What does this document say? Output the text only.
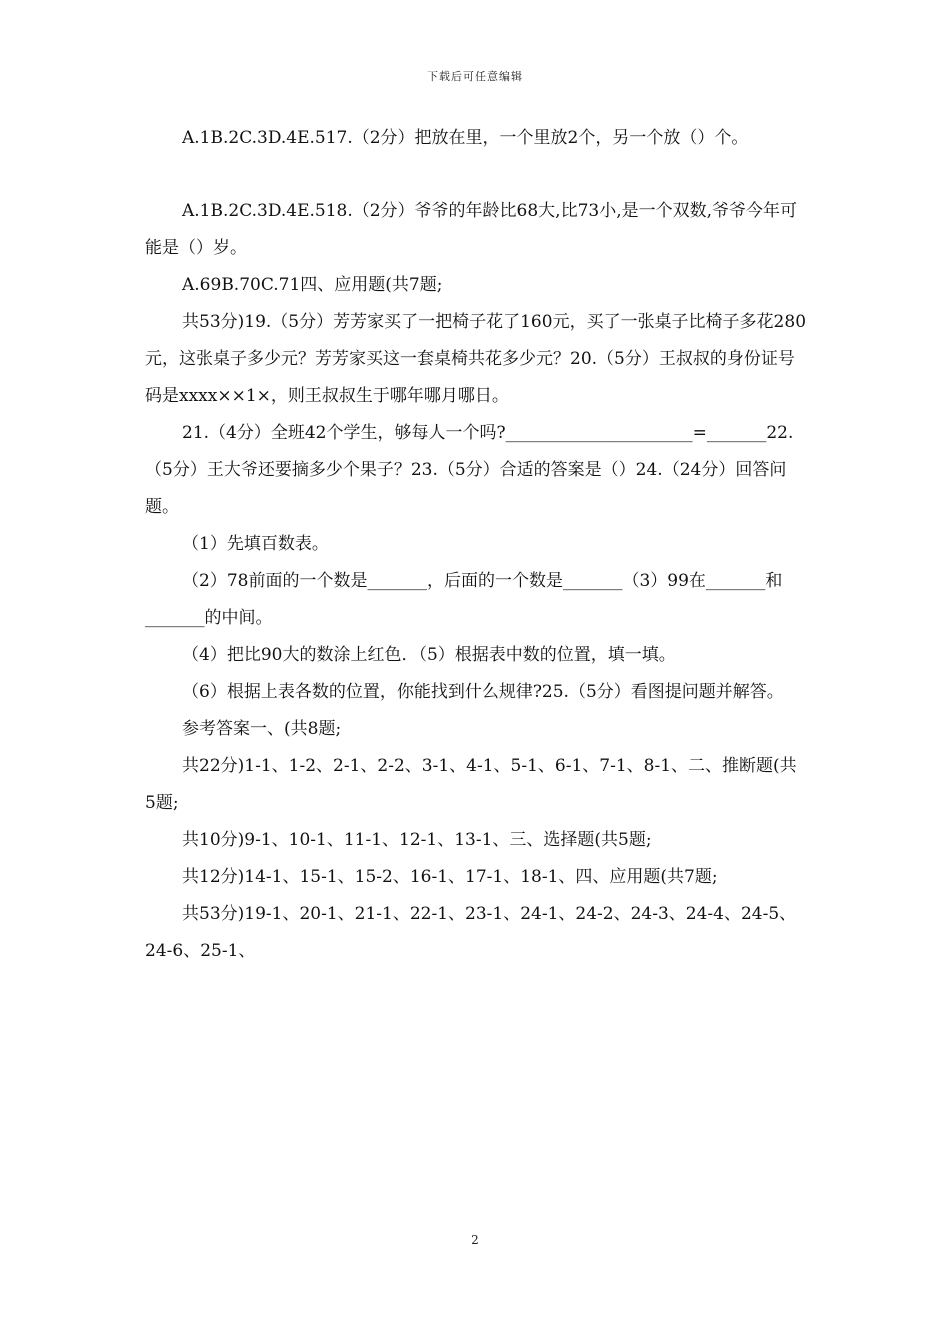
下载后可任意编辑

A.1B.2C.3D.4E.517.（2分）把放在里，一个里放2个，另一个放（）个。

A.1B.2C.3D.4E.518.（2分）爷爷的年龄比68大,比73小,是一个双数,爷爷今年可能是（）岁。

A.69B.70C.71四、应用题(共7题;

共53分)19.（5分）芳芳家买了一把椅子花了160元，买了一张桌子比椅子多花280元，这张桌子多少元？芳芳家买这一套桌椅共花多少元？20.（5分）王叔叔的身份证号码是xxxx××1×，则王叔叔生于哪年哪月哪日。

21.（4分）全班42个学生，够每人一个吗?______________________=_______22.（5分）王大爷还要摘多少个果子？23.（5分）合适的答案是（）24.（24分）回答问题。

（1）先填百数表。

（2）78前面的一个数是_______，后面的一个数是_______（3）99在_______和_______的中间。

（4）把比90大的数涂上红色．（5）根据表中数的位置，填一填。

（6）根据上表各数的位置，你能找到什么规律?25.（5分）看图提问题并解答。

参考答案一、(共8题;

共22分)1-1、1-2、2-1、2-2、3-1、4-1、5-1、6-1、7-1、8-1、二、推断题(共5题;

共10分)9-1、10-1、11-1、12-1、13-1、三、选择题(共5题;

共12分)14-1、15-1、15-2、16-1、17-1、18-1、四、应用题(共7题;

共53分)19-1、20-1、21-1、22-1、23-1、24-1、24-2、24-3、24-4、24-5、24-6、25-1、

2
